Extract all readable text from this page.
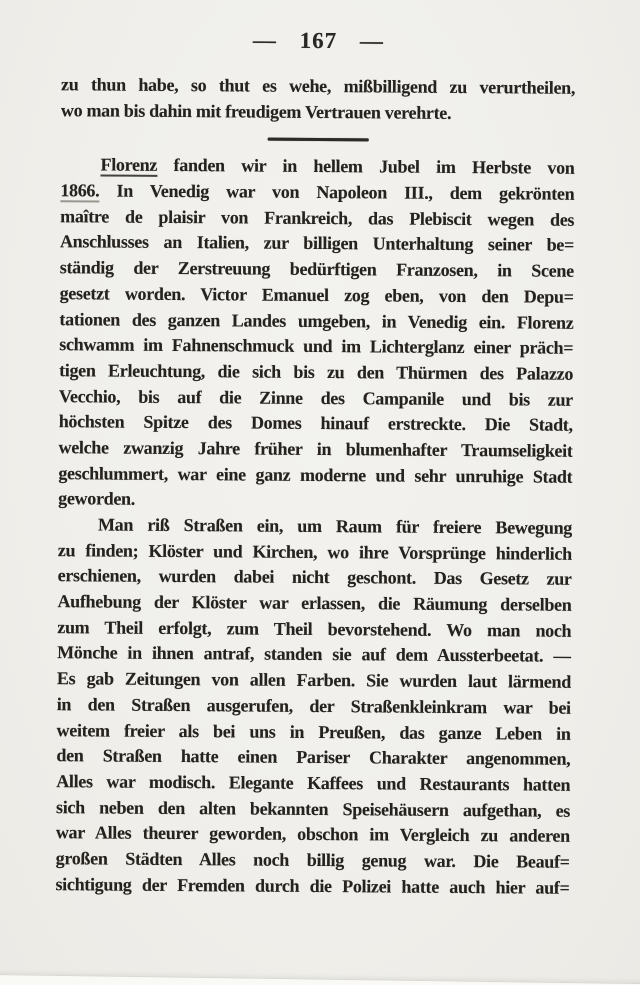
— 167 —
zu thun habe, so thut es wehe, mißbilligend zu verurtheilen,
wo man bis dahin mit freudigem Vertrauen verehrte.
Florenz fanden wir in hellem Jubel im Herbste von
1866. In Venedig war von Napoleon III., dem gekrönten
maître de plaisir von Frankreich, das Plebiscit wegen des
Anschlusses an Italien, zur billigen Unterhaltung seiner be=
ständig der Zerstreuung bedürftigen Franzosen, in Scene
gesetzt worden. Victor Emanuel zog eben, von den Depu=
tationen des ganzen Landes umgeben, in Venedig ein. Florenz
schwamm im Fahnenschmuck und im Lichterglanz einer präch=
tigen Erleuchtung, die sich bis zu den Thürmen des Palazzo
Vecchio, bis auf die Zinne des Campanile und bis zur
höchsten Spitze des Domes hinauf erstreckte. Die Stadt,
welche zwanzig Jahre früher in blumenhafter Traumseligkeit
geschlummert, war eine ganz moderne und sehr unruhige Stadt
geworden.
Man riß Straßen ein, um Raum für freiere Bewegung
zu finden; Klöster und Kirchen, wo ihre Vorsprünge hinderlich
erschienen, wurden dabei nicht geschont. Das Gesetz zur
Aufhebung der Klöster war erlassen, die Räumung derselben
zum Theil erfolgt, zum Theil bevorstehend. Wo man noch
Mönche in ihnen antraf, standen sie auf dem Aussterbeetat. —
Es gab Zeitungen von allen Farben. Sie wurden laut lärmend
in den Straßen ausgerufen, der Straßenkleinkram war bei
weitem freier als bei uns in Preußen, das ganze Leben in
den Straßen hatte einen Pariser Charakter angenommen,
Alles war modisch. Elegante Kaffees und Restaurants hatten
sich neben den alten bekannten Speisehäusern aufgethan, es
war Alles theurer geworden, obschon im Vergleich zu anderen
großen Städten Alles noch billig genug war. Die Beauf=
sichtigung der Fremden durch die Polizei hatte auch hier auf=
